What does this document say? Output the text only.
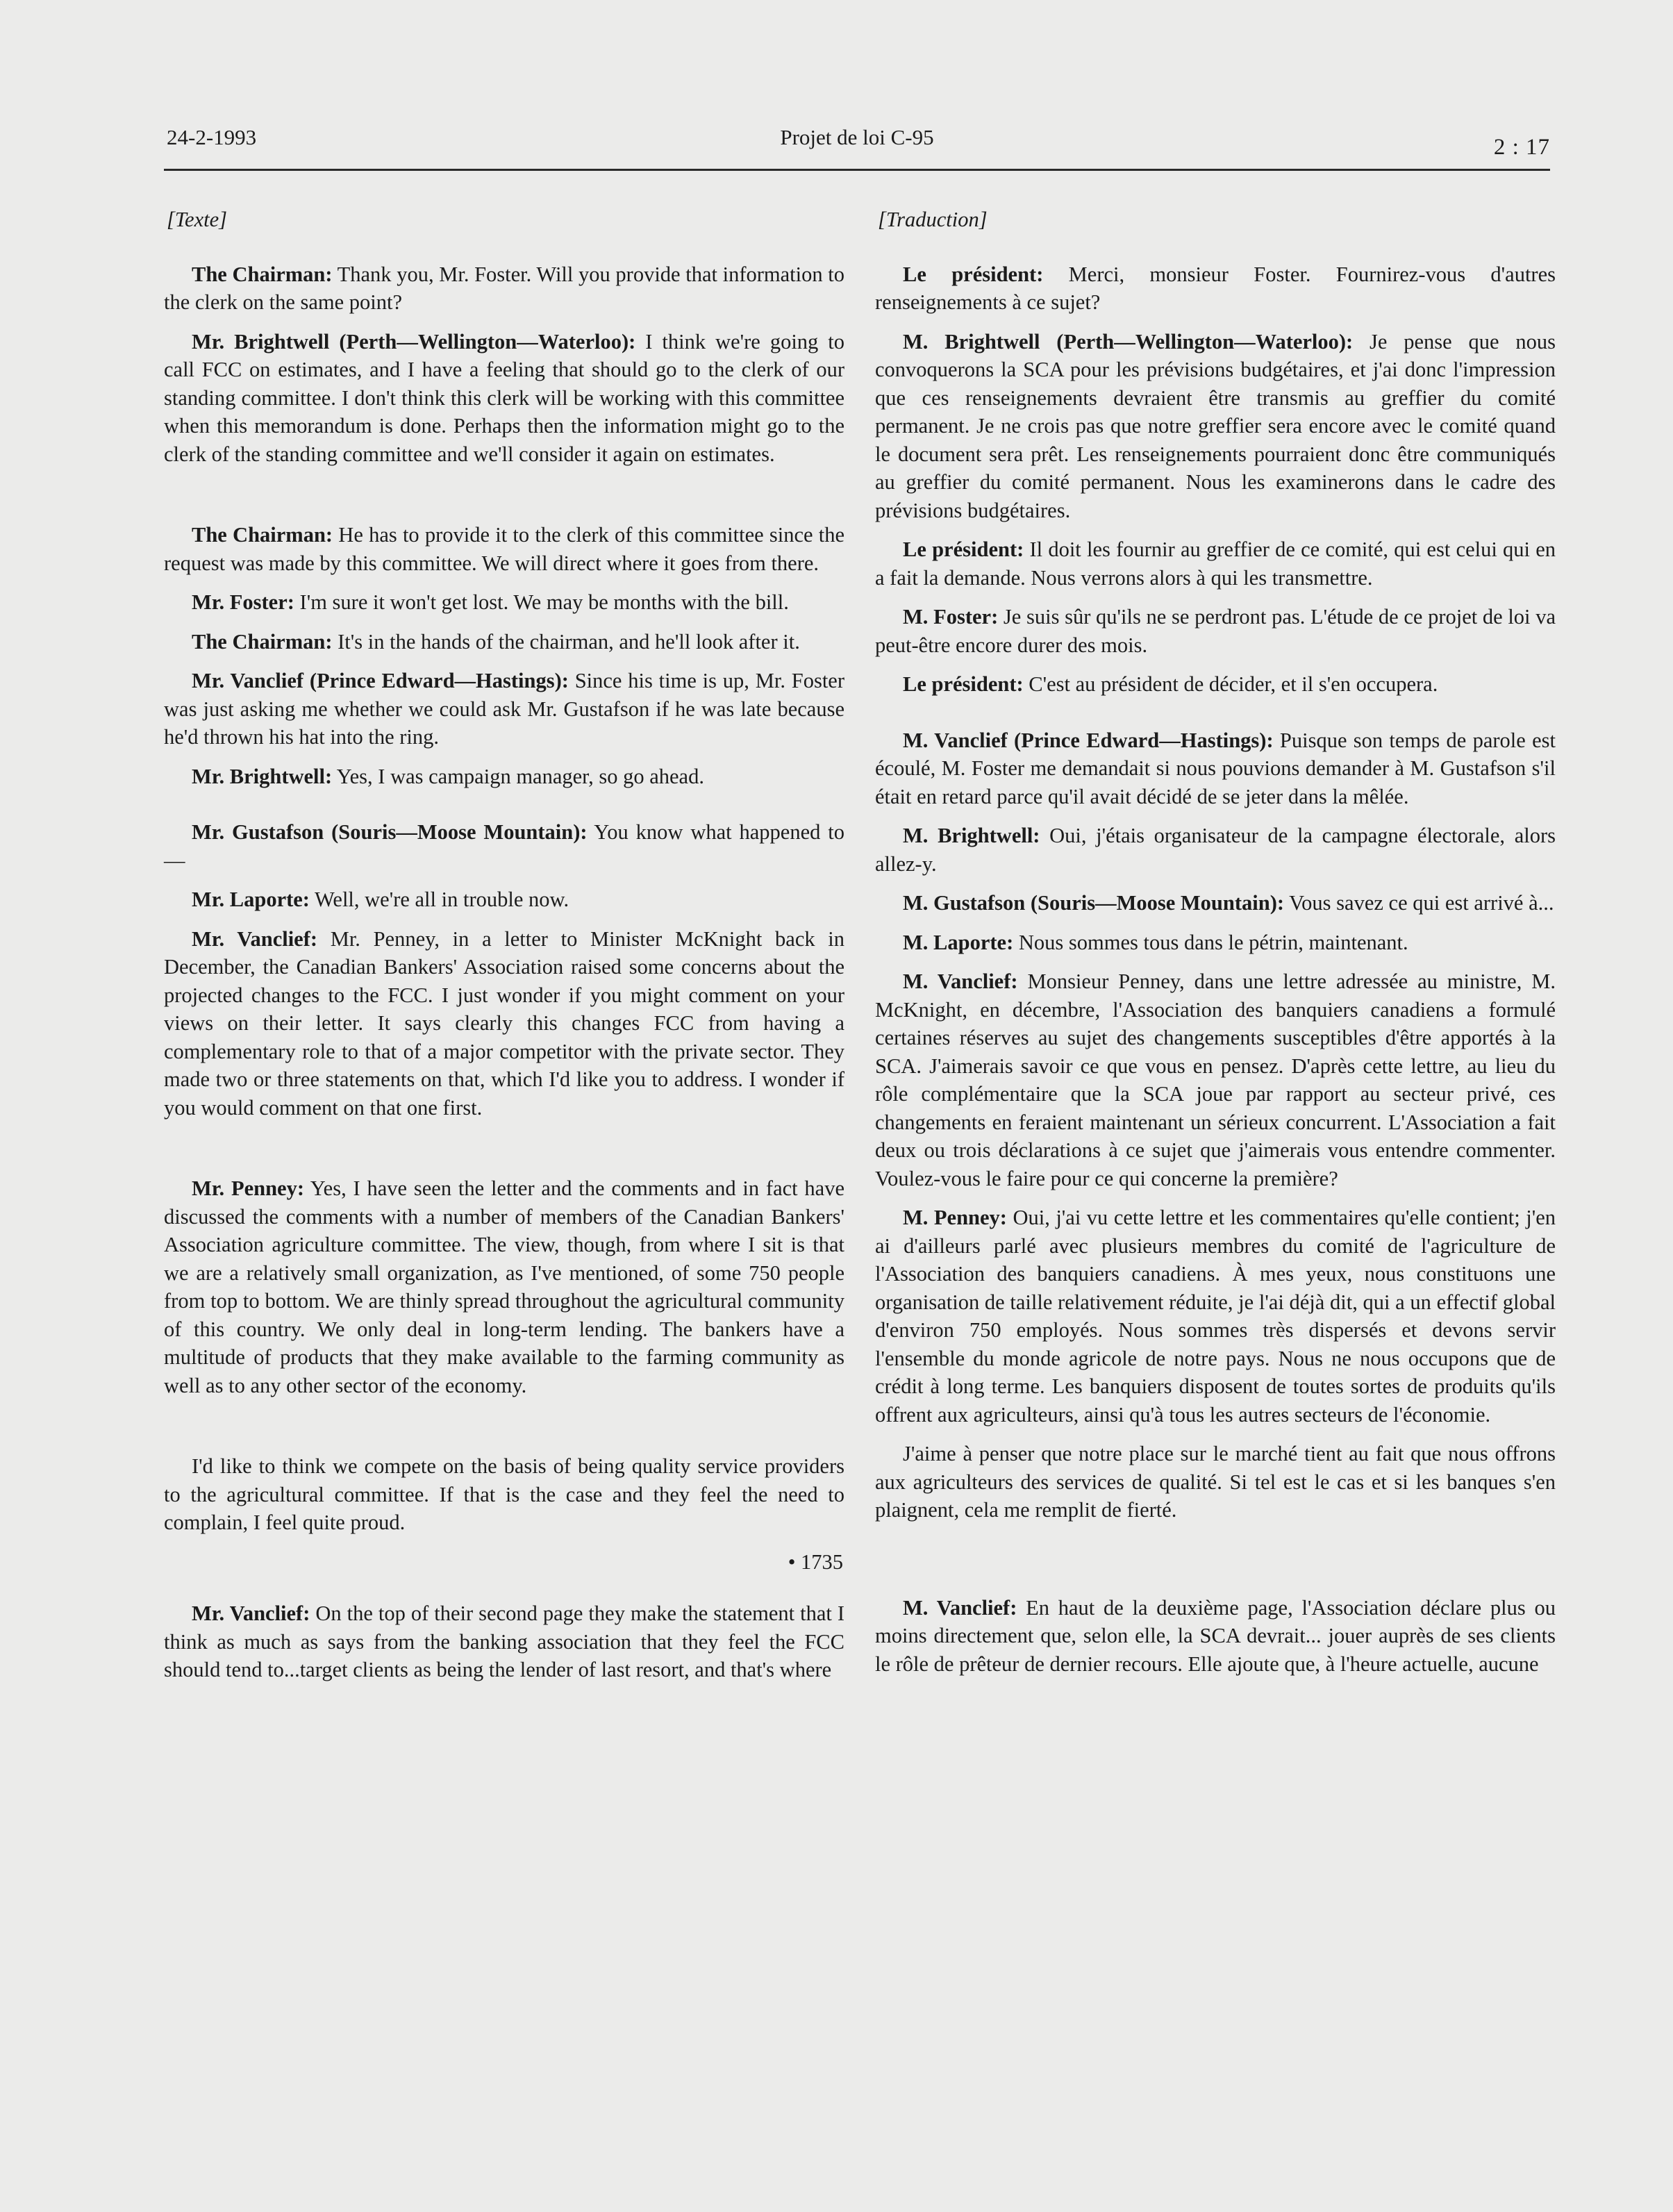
24-2-1993	Projet de loi C-95	2 : 17
[Texte]

The Chairman: Thank you, Mr. Foster. Will you provide that information to the clerk on the same point?

Mr. Brightwell (Perth—Wellington—Waterloo): I think we're going to call FCC on estimates, and I have a feeling that should go to the clerk of our standing committee. I don't think this clerk will be working with this committee when this memorandum is done. Perhaps then the information might go to the clerk of the standing committee and we'll consider it again on estimates.

The Chairman: He has to provide it to the clerk of this committee since the request was made by this committee. We will direct where it goes from there.

Mr. Foster: I'm sure it won't get lost. We may be months with the bill.

The Chairman: It's in the hands of the chairman, and he'll look after it.

Mr. Vanclief (Prince Edward—Hastings): Since his time is up, Mr. Foster was just asking me whether we could ask Mr. Gustafson if he was late because he'd thrown his hat into the ring.

Mr. Brightwell: Yes, I was campaign manager, so go ahead.

Mr. Gustafson (Souris—Moose Mountain): You know what happened to—

Mr. Laporte: Well, we're all in trouble now.

Mr. Vanclief: Mr. Penney, in a letter to Minister McKnight back in December, the Canadian Bankers' Association raised some concerns about the projected changes to the FCC. I just wonder if you might comment on your views on their letter. It says clearly this changes FCC from having a complementary role to that of a major competitor with the private sector. They made two or three statements on that, which I'd like you to address. I wonder if you would comment on that one first.

Mr. Penney: Yes, I have seen the letter and the comments and in fact have discussed the comments with a number of members of the Canadian Bankers' Association agriculture committee. The view, though, from where I sit is that we are a relatively small organization, as I've mentioned, of some 750 people from top to bottom. We are thinly spread throughout the agricultural community of this country. We only deal in long-term lending. The bankers have a multitude of products that they make available to the farming community as well as to any other sector of the economy.

I'd like to think we compete on the basis of being quality service providers to the agricultural committee. If that is the case and they feel the need to complain, I feel quite proud.

• 1735

Mr. Vanclief: On the top of their second page they make the statement that I think as much as says from the banking association that they feel the FCC should tend to...target clients as being the lender of last resort, and that's where

[Traduction]

Le président: Merci, monsieur Foster. Fournirez-vous d'autres renseignements à ce sujet?

M. Brightwell (Perth—Wellington—Waterloo): Je pense que nous convoquerons la SCA pour les prévisions budgétaires, et j'ai donc l'impression que ces renseignements devraient être transmis au greffier du comité permanent. Je ne crois pas que notre greffier sera encore avec le comité quand le document sera prêt. Les renseignements pourraient donc être communiqués au greffier du comité permanent. Nous les examinerons dans le cadre des prévisions budgétaires.

Le président: Il doit les fournir au greffier de ce comité, qui est celui qui en a fait la demande. Nous verrons alors à qui les transmettre.

M. Foster: Je suis sûr qu'ils ne se perdront pas. L'étude de ce projet de loi va peut-être encore durer des mois.

Le président: C'est au président de décider, et il s'en occupera.

M. Vanclief (Prince Edward—Hastings): Puisque son temps de parole est écoulé, M. Foster me demandait si nous pouvions demander à M. Gustafson s'il était en retard parce qu'il avait décidé de se jeter dans la mêlée.

M. Brightwell: Oui, j'étais organisateur de la campagne électorale, alors allez-y.

M. Gustafson (Souris—Moose Mountain): Vous savez ce qui est arrivé à...

M. Laporte: Nous sommes tous dans le pétrin, maintenant.

M. Vanclief: Monsieur Penney, dans une lettre adressée au ministre, M. McKnight, en décembre, l'Association des banquiers canadiens a formulé certaines réserves au sujet des changements susceptibles d'être apportés à la SCA. J'aimerais savoir ce que vous en pensez. D'après cette lettre, au lieu du rôle complémentaire que la SCA joue par rapport au secteur privé, ces changements en feraient maintenant un sérieux concurrent. L'Association a fait deux ou trois déclarations à ce sujet que j'aimerais vous entendre commenter. Voulez-vous le faire pour ce qui concerne la première?

M. Penney: Oui, j'ai vu cette lettre et les commentaires qu'elle contient; j'en ai d'ailleurs parlé avec plusieurs membres du comité de l'agriculture de l'Association des banquiers canadiens. À mes yeux, nous constituons une organisation de taille relativement réduite, je l'ai déjà dit, qui a un effectif global d'environ 750 employés. Nous sommes très dispersés et devons servir l'ensemble du monde agricole de notre pays. Nous ne nous occupons que de crédit à long terme. Les banquiers disposent de toutes sortes de produits qu'ils offrent aux agriculteurs, ainsi qu'à tous les autres secteurs de l'économie.

J'aime à penser que notre place sur le marché tient au fait que nous offrons aux agriculteurs des services de qualité. Si tel est le cas et si les banques s'en plaignent, cela me remplit de fierté.

M. Vanclief: En haut de la deuxième page, l'Association déclare plus ou moins directement que, selon elle, la SCA devrait... jouer auprès de ses clients le rôle de prêteur de dernier recours. Elle ajoute que, à l'heure actuelle, aucune
